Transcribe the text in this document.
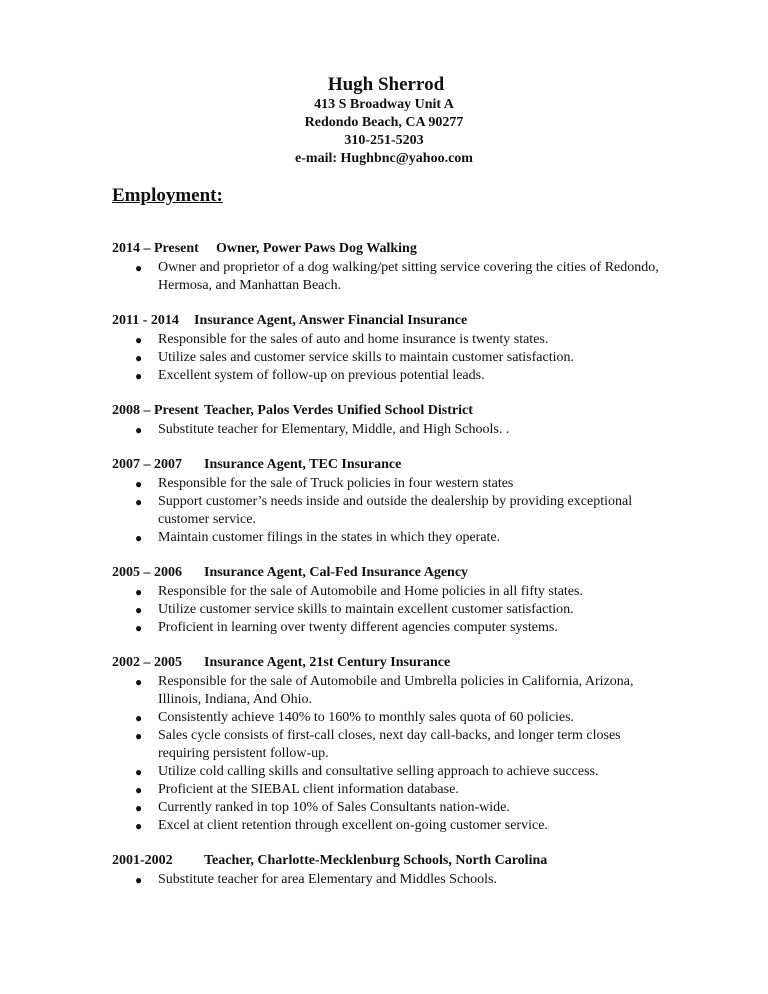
Hugh Sherrod
413 S Broadway Unit A
Redondo Beach, CA 90277
310-251-5203
e-mail: Hughbnc@yahoo.com
Employment:
2014 – Present Owner, Power Paws Dog Walking
● Owner and proprietor of a dog walking/pet sitting service covering the cities of Redondo, Hermosa, and Manhattan Beach.
2011 - 2014 Insurance Agent, Answer Financial Insurance
● Responsible for the sales of auto and home insurance is twenty states.
● Utilize sales and customer service skills to maintain customer satisfaction.
● Excellent system of follow-up on previous potential leads.
2008 – Present Teacher, Palos Verdes Unified School District
● Substitute teacher for Elementary, Middle, and High Schools. .
2007 – 2007 Insurance Agent, TEC Insurance
● Responsible for the sale of Truck policies in four western states
● Support customer’s needs inside and outside the dealership by providing exceptional customer service.
● Maintain customer filings in the states in which they operate.
2005 – 2006 Insurance Agent, Cal-Fed Insurance Agency
● Responsible for the sale of Automobile and Home policies in all fifty states.
● Utilize customer service skills to maintain excellent customer satisfaction.
● Proficient in learning over twenty different agencies computer systems.
2002 – 2005 Insurance Agent, 21st Century Insurance
● Responsible for the sale of Automobile and Umbrella policies in California, Arizona, Illinois, Indiana, And Ohio.
● Consistently achieve 140% to 160% to monthly sales quota of 60 policies.
● Sales cycle consists of first-call closes, next day call-backs, and longer term closes requiring persistent follow-up.
● Utilize cold calling skills and consultative selling approach to achieve success.
● Proficient at the SIEBAL client information database.
● Currently ranked in top 10% of Sales Consultants nation-wide.
● Excel at client retention through excellent on-going customer service.
2001-2002 Teacher, Charlotte-Mecklenburg Schools, North Carolina
● Substitute teacher for area Elementary and Middles Schools.
